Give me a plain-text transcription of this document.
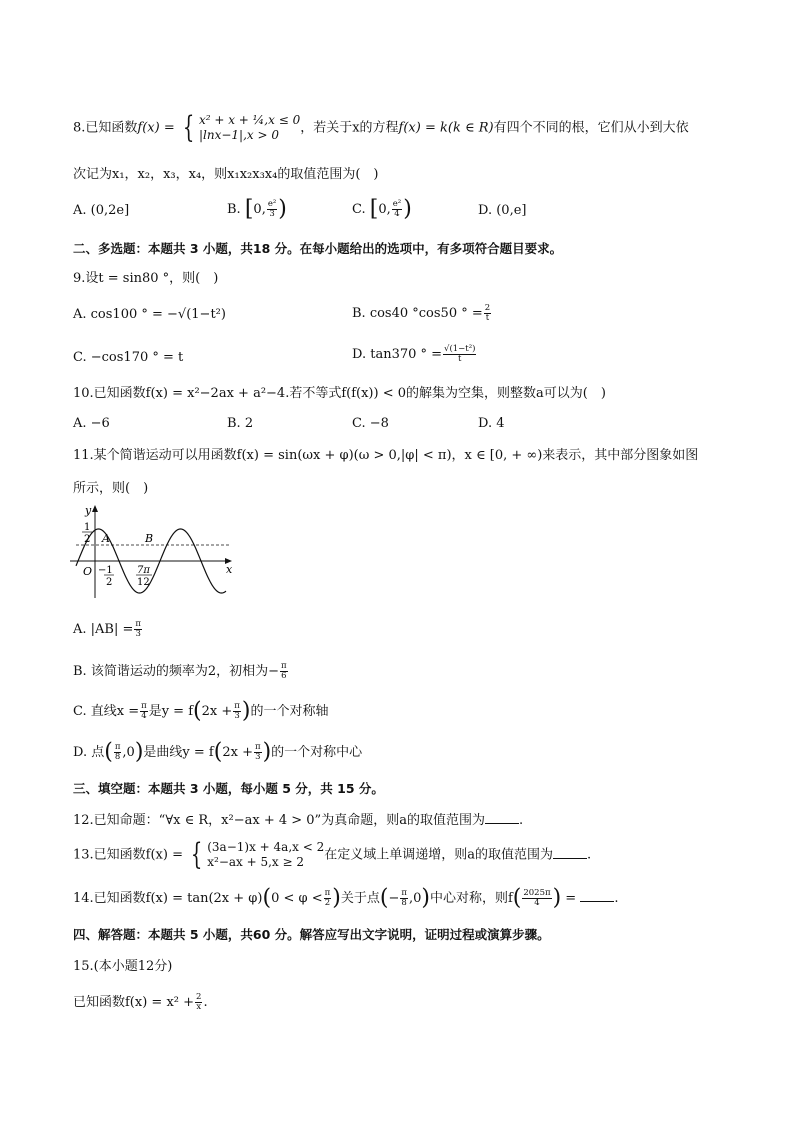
8.已知函数f(x) = { x² + x + ¼,x ≤ 0
|lnx−1|,x > 0	，若关于x的方程f(x) = k(k ∈ R)有四个不同的根，它们从小到大依
次记为x₁，x₂，x₃，x₄，则x₁x₂x₃x₄的取值范围为(　)
A. (0,2e]	B. [0, $\frac{\text{e²}}{3}$ )	C. [0, $\frac{\text{e²}}{4}$ )	D. (0,e]
二、多选题：本题共 3 小题，共18 分。在每小题给出的选项中，有多项符合题目要求。
9.设t = sin80 °，则(　)
A. cos100 ° = −√(1−t²)	B. cos40 °cos50 ° = $\frac{2}{t}$
C. −cos170 ° = t	D. tan370 ° = $\frac{\text{√(1−t²)}}{t}$
10.已知函数f(x) = x²−2ax + a²−4.若不等式f(f(x)) < 0的解集为空集，则整数a可以为(　)
A. −6	B. 2	C. −8	D. 4
11.某个简谐运动可以用函数f(x) = sin(ωx + φ)(ω > 0,|φ| < π)，x ∈ [0, + ∞)来表示，其中部分图象如图
所示，则(　)
y
x
O
1
2
−1
2
7π
12
A	B
A. $|AB| = \frac{\pi}{3}$
B. 该简谐运动的频率为2，初相为− $\frac{\pi}{6}$
C. 直线$x = \frac{\pi}{4}$ 是$y = f(2x + \frac{\pi}{3}$ )的一个对称轴
D. 点( $\frac{\pi}{8} ,0$)是曲线$y = f(2x + \frac{\pi}{3}$ )的一个对称中心
三、填空题：本题共 3 小题，每小题 5 分，共 15 分。
12.已知命题：“∀x ∈ R，x²−ax + 4 > 0”为真命题，则a的取值范围为	.
13.已知函数f(x) = { (3a−1)x + 4a,x < 2
x²−ax + 5,x ≥ 2	在定义域上单调递增，则a的取值范围为	.
14.已知函数$f(x) = \tan(2x + \varphi)(0 < \varphi < \frac{\pi}{2}$ )关于点(− $\frac{\pi}{8} ,0$)中心对称，则$f( \frac{2025\pi}{4}$ ) =	.
四、解答题：本题共 5 小题，共60 分。解答应写出文字说明，证明过程或演算步骤。
15.(本小题12分)
已知函数$f(x) = x^2 + \frac{2}{x}$ .
